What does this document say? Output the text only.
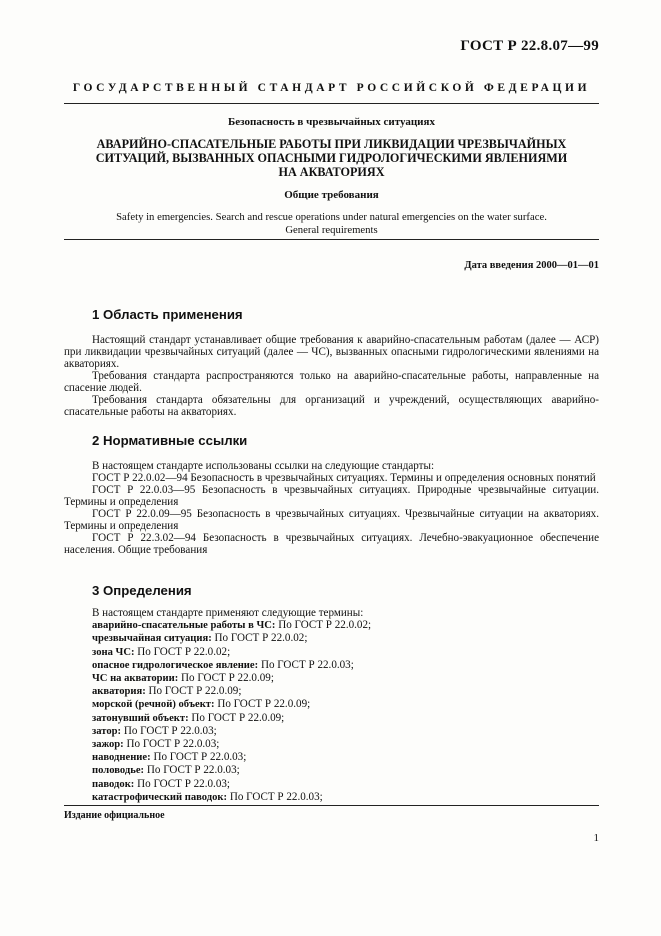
ГОСТ Р 22.8.07—99
ГОСУДАРСТВЕННЫЙ СТАНДАРТ РОССИЙСКОЙ ФЕДЕРАЦИИ
Безопасность в чрезвычайных ситуациях
АВАРИЙНО-СПАСАТЕЛЬНЫЕ РАБОТЫ ПРИ ЛИКВИДАЦИИ ЧРЕЗВЫЧАЙНЫХ
СИТУАЦИЙ, ВЫЗВАННЫХ ОПАСНЫМИ ГИДРОЛОГИЧЕСКИМИ ЯВЛЕНИЯМИ
НА АКВАТОРИЯХ
Общие требования
Safety in emergencies. Search and rescue operations under natural emergencies on the water surface.
General requirements
Дата введения 2000—01—01
1 Область применения

Настоящий стандарт устанавливает общие требования к аварийно-спасательным работам (далее — АСР) при ликвидации чрезвычайных ситуаций (далее — ЧС), вызванных опасными гидрологическими явлениями на акваториях.

Требования стандарта распространяются только на аварийно-спасательные работы, направленные на спасение людей.

Требования стандарта обязательны для организаций и учреждений, осуществляющих аварийно-спасательные работы на акваториях.

2 Нормативные ссылки

В настоящем стандарте использованы ссылки на следующие стандарты:

ГОСТ Р 22.0.02—94 Безопасность в чрезвычайных ситуациях. Термины и определения основных понятий

ГОСТ Р 22.0.03—95 Безопасность в чрезвычайных ситуациях. Природные чрезвычайные ситуации. Термины и определения

ГОСТ Р 22.0.09—95 Безопасность в чрезвычайных ситуациях. Чрезвычайные ситуации на акваториях. Термины и определения

ГОСТ Р 22.3.02—94 Безопасность в чрезвычайных ситуациях. Лечебно-эвакуационное обеспечение населения. Общие требования

3 Определения
В настоящем стандарте применяют следующие термины:
аварийно-спасательные работы в ЧС: По ГОСТ Р 22.0.02;
чрезвычайная ситуация: По ГОСТ Р 22.0.02;
зона ЧС: По ГОСТ Р 22.0.02;
опасное гидрологическое явление: По ГОСТ Р 22.0.03;
ЧС на акватории: По ГОСТ Р 22.0.09;
акватория: По ГОСТ Р 22.0.09;
морской (речной) объект: По ГОСТ Р 22.0.09;
затонувший объект: По ГОСТ Р 22.0.09;
затор: По ГОСТ Р 22.0.03;
зажор: По ГОСТ Р 22.0.03;
наводнение: По ГОСТ Р 22.0.03;
половодье: По ГОСТ Р 22.0.03;
паводок: По ГОСТ Р 22.0.03;
катастрофический паводок: По ГОСТ Р 22.0.03;
Издание официальное
1
